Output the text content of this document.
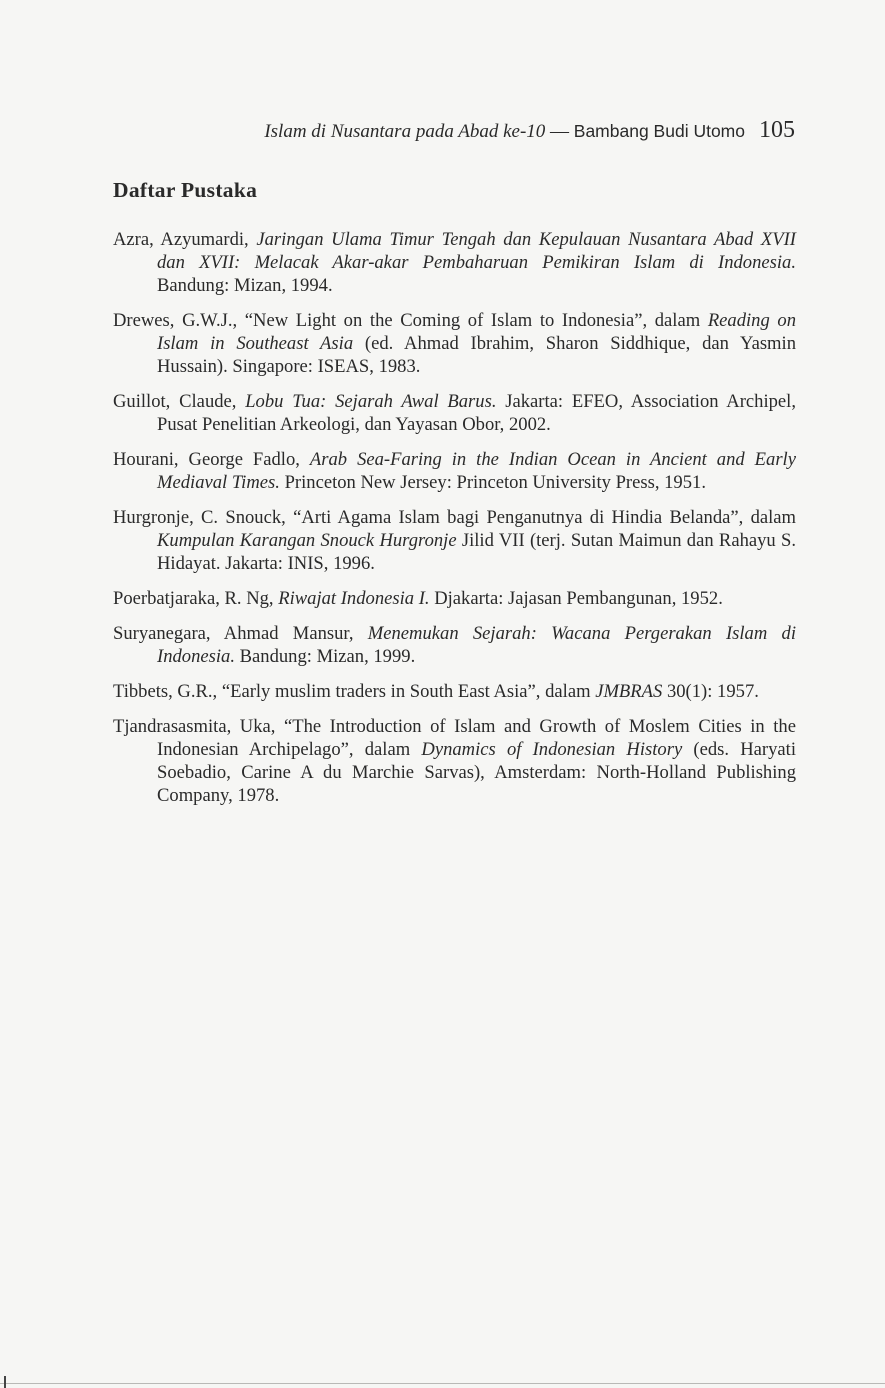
Islam di Nusantara pada Abad ke-10 — Bambang Budi Utomo 105
Daftar Pustaka
Azra, Azyumardi, Jaringan Ulama Timur Tengah dan Kepulauan Nusantara Abad XVII dan XVII: Melacak Akar-akar Pembaharuan Pemikiran Islam di Indonesia. Bandung: Mizan, 1994.
Drewes, G.W.J., “New Light on the Coming of Islam to Indonesia”, dalam Reading on Islam in Southeast Asia (ed. Ahmad Ibrahim, Sharon Siddhique, dan Yasmin Hussain). Singapore: ISEAS, 1983.
Guillot, Claude, Lobu Tua: Sejarah Awal Barus. Jakarta: EFEO, Association Archipel, Pusat Penelitian Arkeologi, dan Yayasan Obor, 2002.
Hourani, George Fadlo, Arab Sea-Faring in the Indian Ocean in Ancient and Early Mediaval Times. Princeton New Jersey: Princeton University Press, 1951.
Hurgronje, C. Snouck, “Arti Agama Islam bagi Penganutnya di Hindia Belanda”, dalam Kumpulan Karangan Snouck Hurgronje Jilid VII (terj. Sutan Maimun dan Rahayu S. Hidayat. Jakarta: INIS, 1996.
Poerbatjaraka, R. Ng, Riwajat Indonesia I. Djakarta: Jajasan Pembangunan, 1952.
Suryanegara, Ahmad Mansur, Menemukan Sejarah: Wacana Pergerakan Islam di Indonesia. Bandung: Mizan, 1999.
Tibbets, G.R., “Early muslim traders in South East Asia”, dalam JMBRAS 30(1): 1957.
Tjandrasasmita, Uka, “The Introduction of Islam and Growth of Moslem Cities in the Indonesian Archipelago”, dalam Dynamics of Indonesian History (eds. Haryati Soebadio, Carine A du Marchie Sarvas), Amsterdam: North-Holland Publishing Company, 1978.
